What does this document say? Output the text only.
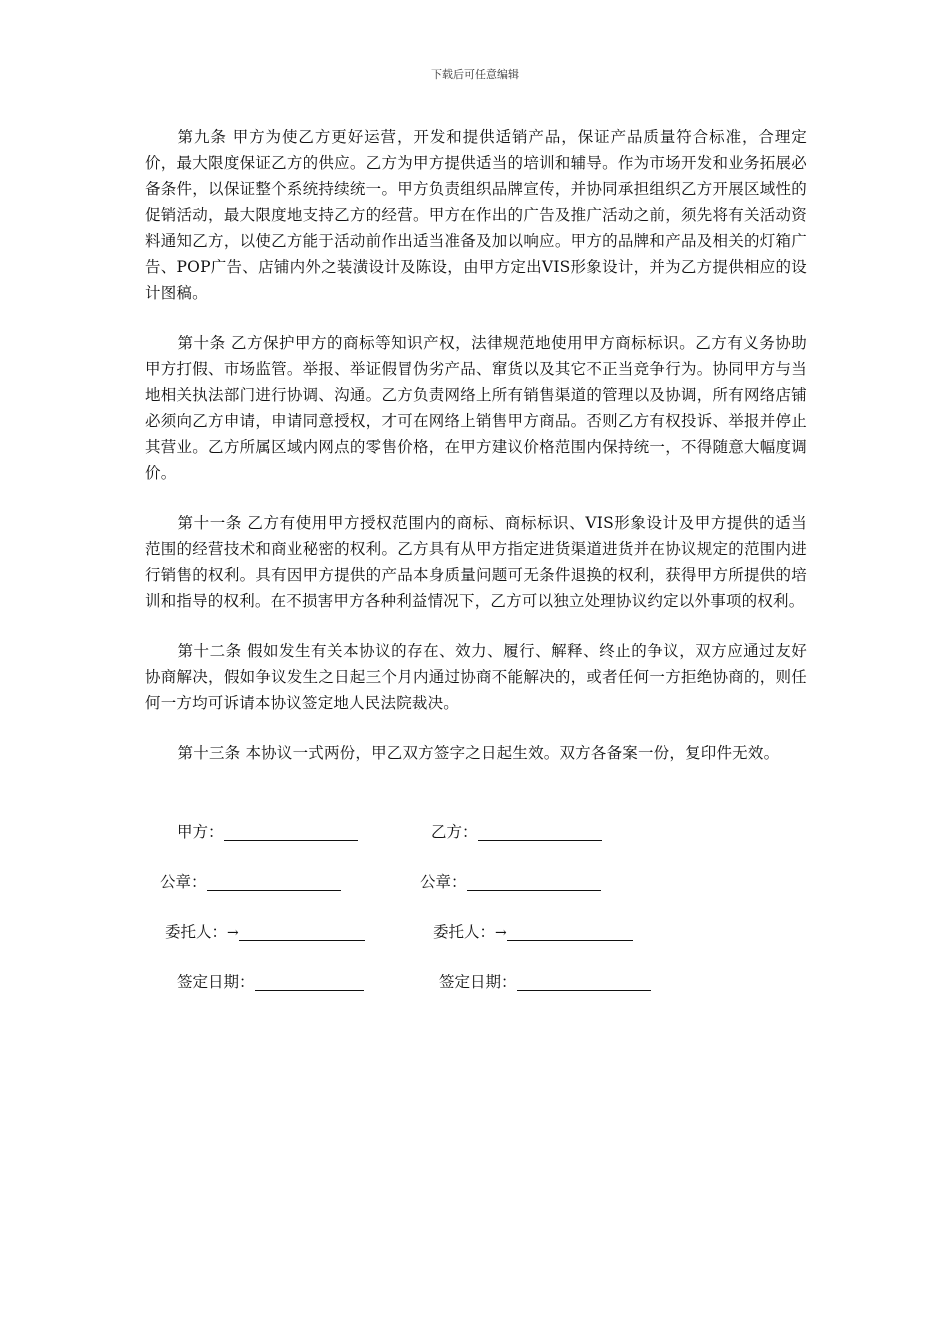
下载后可任意编辑

第九条 甲方为使乙方更好运营，开发和提供适销产品，保证产品质量符合标准，合理定价，最大限度保证乙方的供应。乙方为甲方提供适当的培训和辅导。作为市场开发和业务拓展必备条件，以保证整个系统持续统一。甲方负责组织品牌宣传，并协同承担组织乙方开展区域性的促销活动，最大限度地支持乙方的经营。甲方在作出的广告及推广活动之前，须先将有关活动资料通知乙方，以使乙方能于活动前作出适当准备及加以响应。甲方的品牌和产品及相关的灯箱广告、POP广告、店铺内外之装潢设计及陈设，由甲方定出VIS形象设计，并为乙方提供相应的设计图稿。

第十条 乙方保护甲方的商标等知识产权，法律规范地使用甲方商标标识。乙方有义务协助甲方打假、市场监管。举报、举证假冒伪劣产品、窜货以及其它不正当竞争行为。协同甲方与当地相关执法部门进行协调、沟通。乙方负责网络上所有销售渠道的管理以及协调，所有网络店铺必须向乙方申请，申请同意授权，才可在网络上销售甲方商品。否则乙方有权投诉、举报并停止其营业。乙方所属区域内网点的零售价格，在甲方建议价格范围内保持统一，不得随意大幅度调价。

第十一条 乙方有使用甲方授权范围内的商标、商标标识、VIS形象设计及甲方提供的适当范围的经营技术和商业秘密的权利。乙方具有从甲方指定进货渠道进货并在协议规定的范围内进行销售的权利。具有因甲方提供的产品本身质量问题可无条件退换的权利，获得甲方所提供的培训和指导的权利。在不损害甲方各种利益情况下，乙方可以独立处理协议约定以外事项的权利。

第十二条 假如发生有关本协议的存在、效力、履行、解释、终止的争议，双方应通过友好协商解决，假如争议发生之日起三个月内通过协商不能解决的，或者任何一方拒绝协商的，则任何一方均可诉请本协议签定地人民法院裁决。

第十三条 本协议一式两份，甲乙双方签字之日起生效。双方各备案一份，复印件无效。

甲方：	乙方：
公章：	公章：
委托人：→	委托人：→
签定日期：	签定日期：
